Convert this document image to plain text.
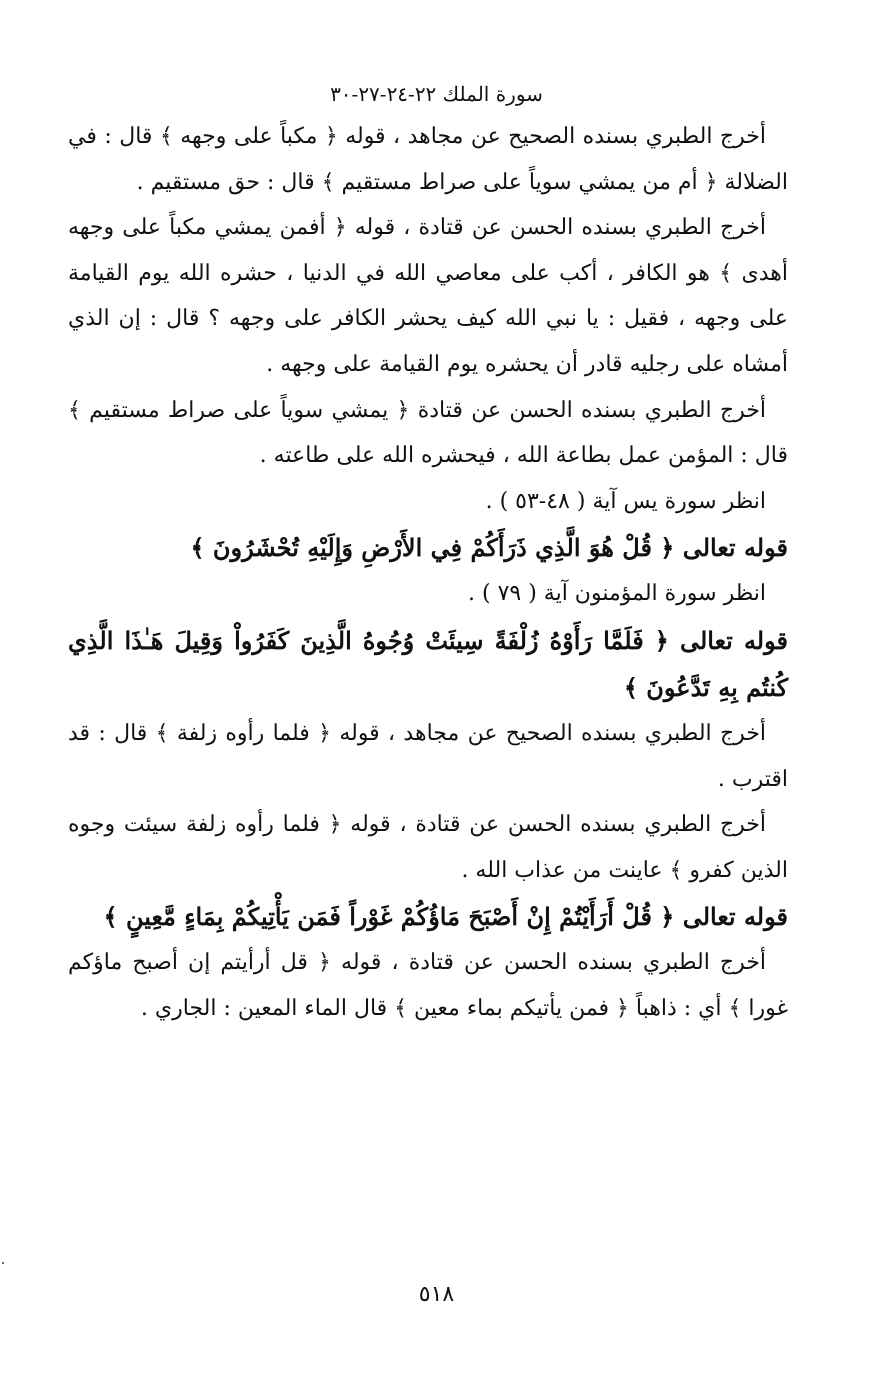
سورة الملك ٢٢-٢٤-٢٧-٣٠

أخرج الطبري بسنده الصحيح عن مجاهد ، قوله ﴿ مكباً على وجهه ﴾ قال : في الضلالة ﴿ أم من يمشي سوياً على صراط مستقيم ﴾ قال : حق مستقيم .

أخرج الطبري بسنده الحسن عن قتادة ، قوله ﴿ أفمن يمشي مكباً على وجهه أهدى ﴾ هو الكافر ، أكب على معاصي الله في الدنيا ، حشره الله يوم القيامة على وجهه ، فقيل : يا نبي الله كيف يحشر الكافر على وجهه ؟ قال : إن الذي أمشاه على رجليه قادر أن يحشره يوم القيامة على وجهه .

أخرج الطبري بسنده الحسن عن قتادة ﴿ يمشي سوياً على صراط مستقيم ﴾ قال : المؤمن عمل بطاعة الله ، فيحشره الله على طاعته .

انظر سورة يس آية ( ٤٨-٥٣ ) .

قوله تعالى ﴿ قُلْ هُوَ الَّذِي ذَرَأَكُمْ فِي الأَرْضِ وَإِلَيْهِ تُحْشَرُونَ ﴾

انظر سورة المؤمنون آية ( ٧٩ ) .

قوله تعالى ﴿ فَلَمَّا رَأَوْهُ زُلْفَةً سِيئَتْ وُجُوهُ الَّذِينَ كَفَرُواْ وَقِيلَ هَـٰذَا الَّذِي كُنتُم بِهِ تَدَّعُونَ ﴾

أخرج الطبري بسنده الصحيح عن مجاهد ، قوله ﴿ فلما رأوه زلفة ﴾ قال : قد اقترب .

أخرج الطبري بسنده الحسن عن قتادة ، قوله ﴿ فلما رأوه زلفة سيئت وجوه الذين كفرو ﴾ عاينت من عذاب الله .

قوله تعالى ﴿ قُلْ أَرَأَيْتُمْ إِنْ أَصْبَحَ مَاؤُكُمْ غَوْراً فَمَن يَأْتِيكُمْ بِمَاءٍ مَّعِينٍ ﴾

أخرج الطبري بسنده الحسن عن قتادة ، قوله ﴿ قل أرأيتم إن أصبح ماؤكم غورا ﴾ أي : ذاهباً ﴿ فمن يأتيكم بماء معين ﴾ قال الماء المعين : الجاري .

٥١٨
